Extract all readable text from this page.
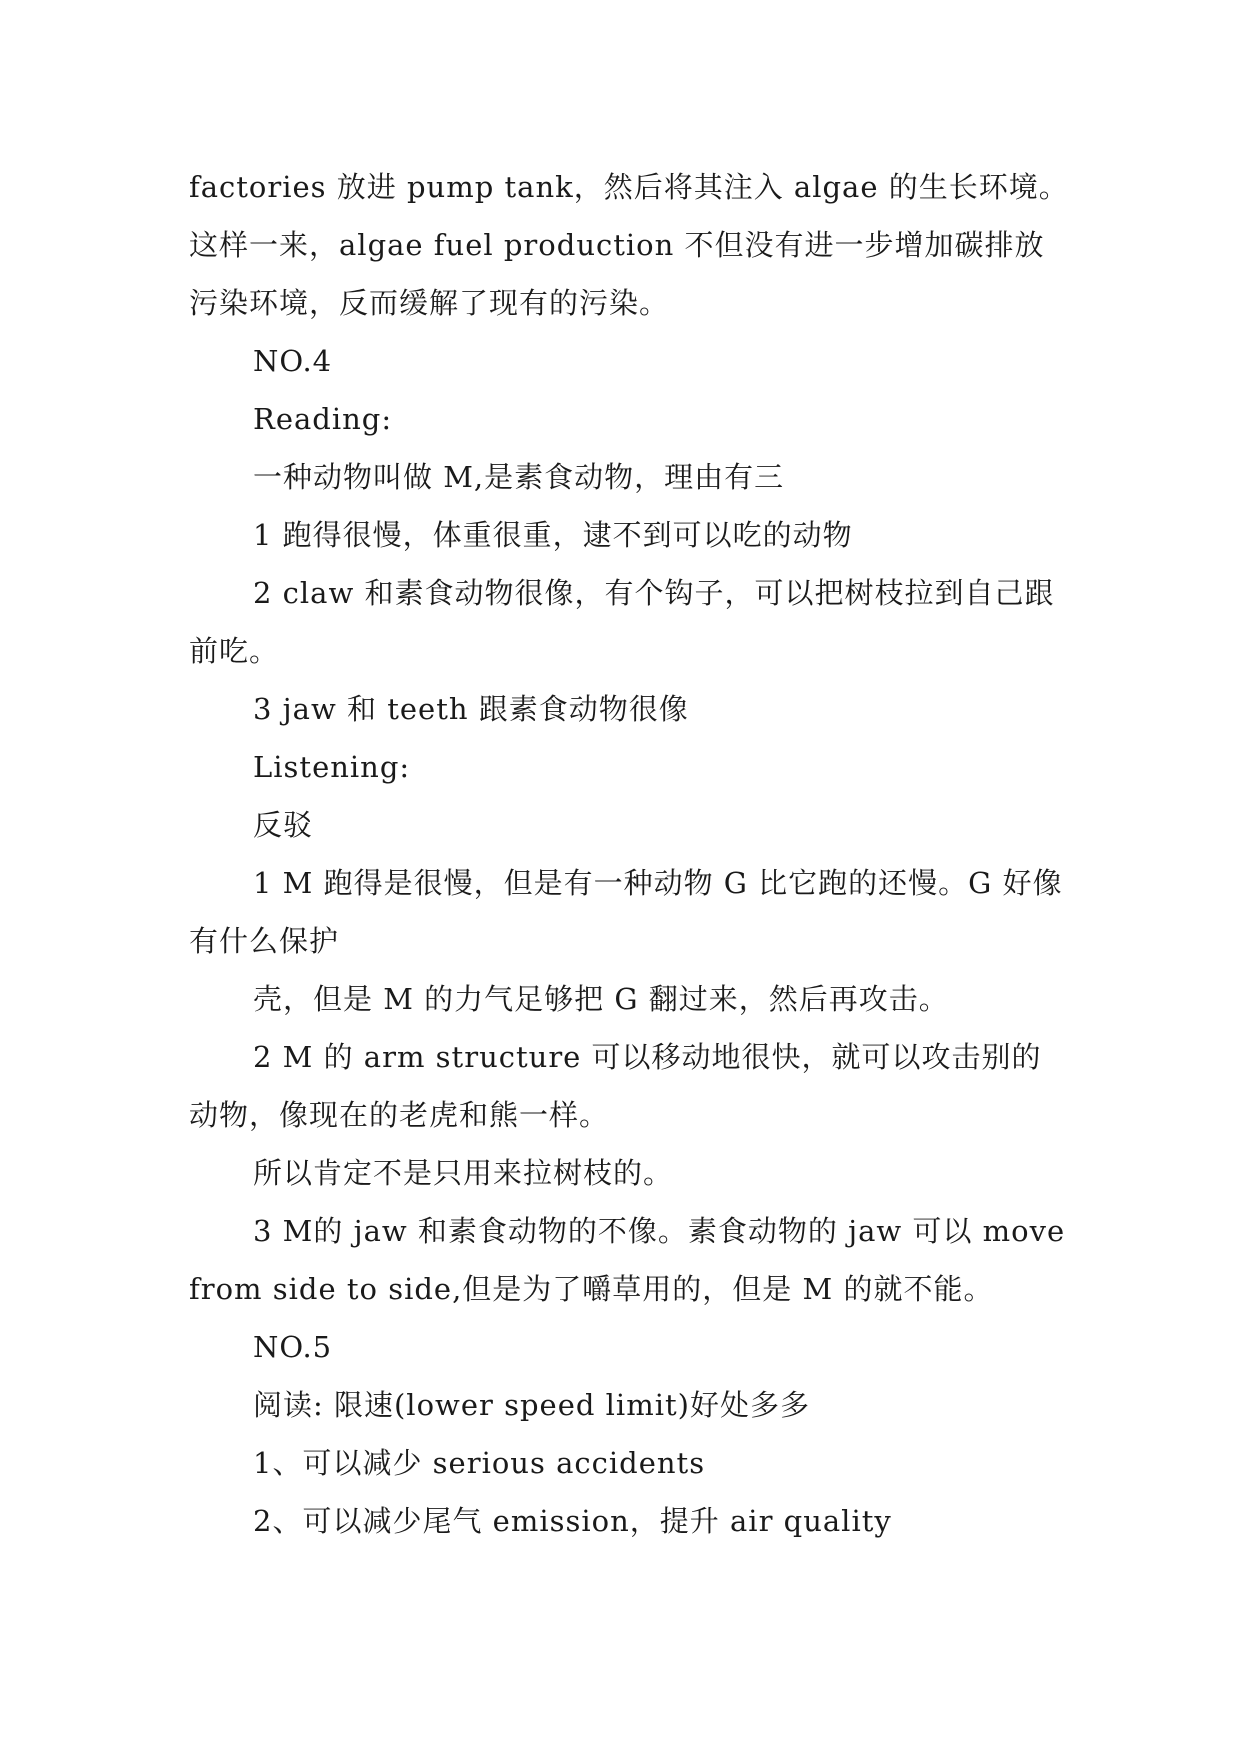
factories 放进 pump tank，然后将其注入 algae 的生长环境。这样一来，algae fuel production 不但没有进一步增加碳排放污染环境，反而缓解了现有的污染。

NO.4

Reading:

一种动物叫做 M,是素食动物，理由有三

1 跑得很慢，体重很重，逮不到可以吃的动物

2 claw 和素食动物很像，有个钩子，可以把树枝拉到自己跟前吃。

3 jaw 和 teeth 跟素食动物很像

Listening:

反驳

1 M 跑得是很慢，但是有一种动物 G 比它跑的还慢。G 好像有什么保护

壳，但是 M 的力气足够把 G 翻过来，然后再攻击。

2 M 的 arm structure 可以移动地很快，就可以攻击别的动物，像现在的老虎和熊一样。

所以肯定不是只用来拉树枝的。

3 M的 jaw 和素食动物的不像。素食动物的 jaw 可以 move from side to side,但是为了嚼草用的，但是 M 的就不能。

NO.5

阅读: 限速(lower speed limit)好处多多

1、可以减少 serious accidents

2、可以减少尾气 emission，提升 air quality
